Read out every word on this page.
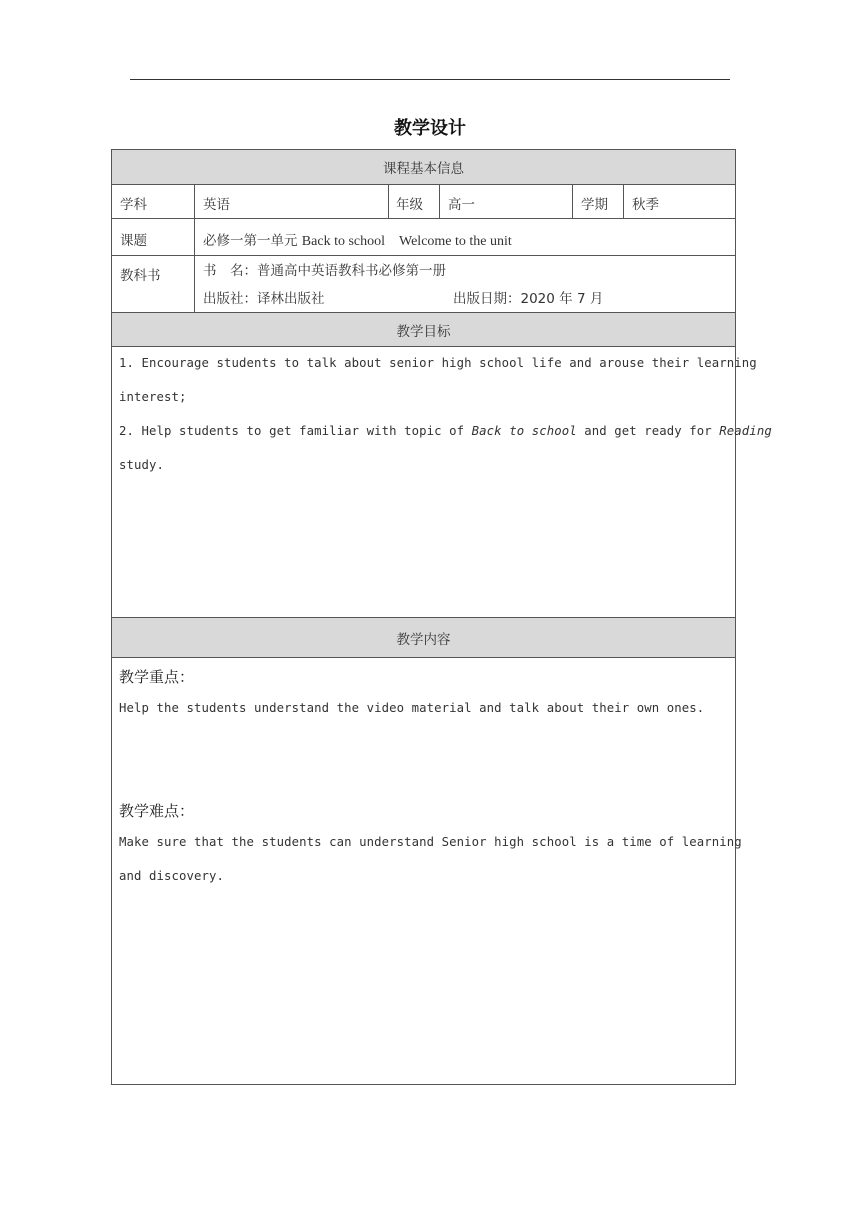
教学设计
课程基本信息
教学目标
教学内容
学科	英语	年级 高一	学期 秋季
课题	必修一第一单元 Back to school　Welcome to the unit
教科书	书　名：普通高中英语教科书必修第一册
出版社：译林出版社	出版日期：2020 年 7 月
1. Encourage students to talk about senior high school life and arouse their learning
interest;
2. Help students to get familiar with topic of Back to school and get ready for Reading
study.
教学重点：
Help the students understand the video material and talk about their own ones.
教学难点：
Make sure that the students can understand Senior high school is a time of learning
and discovery.
